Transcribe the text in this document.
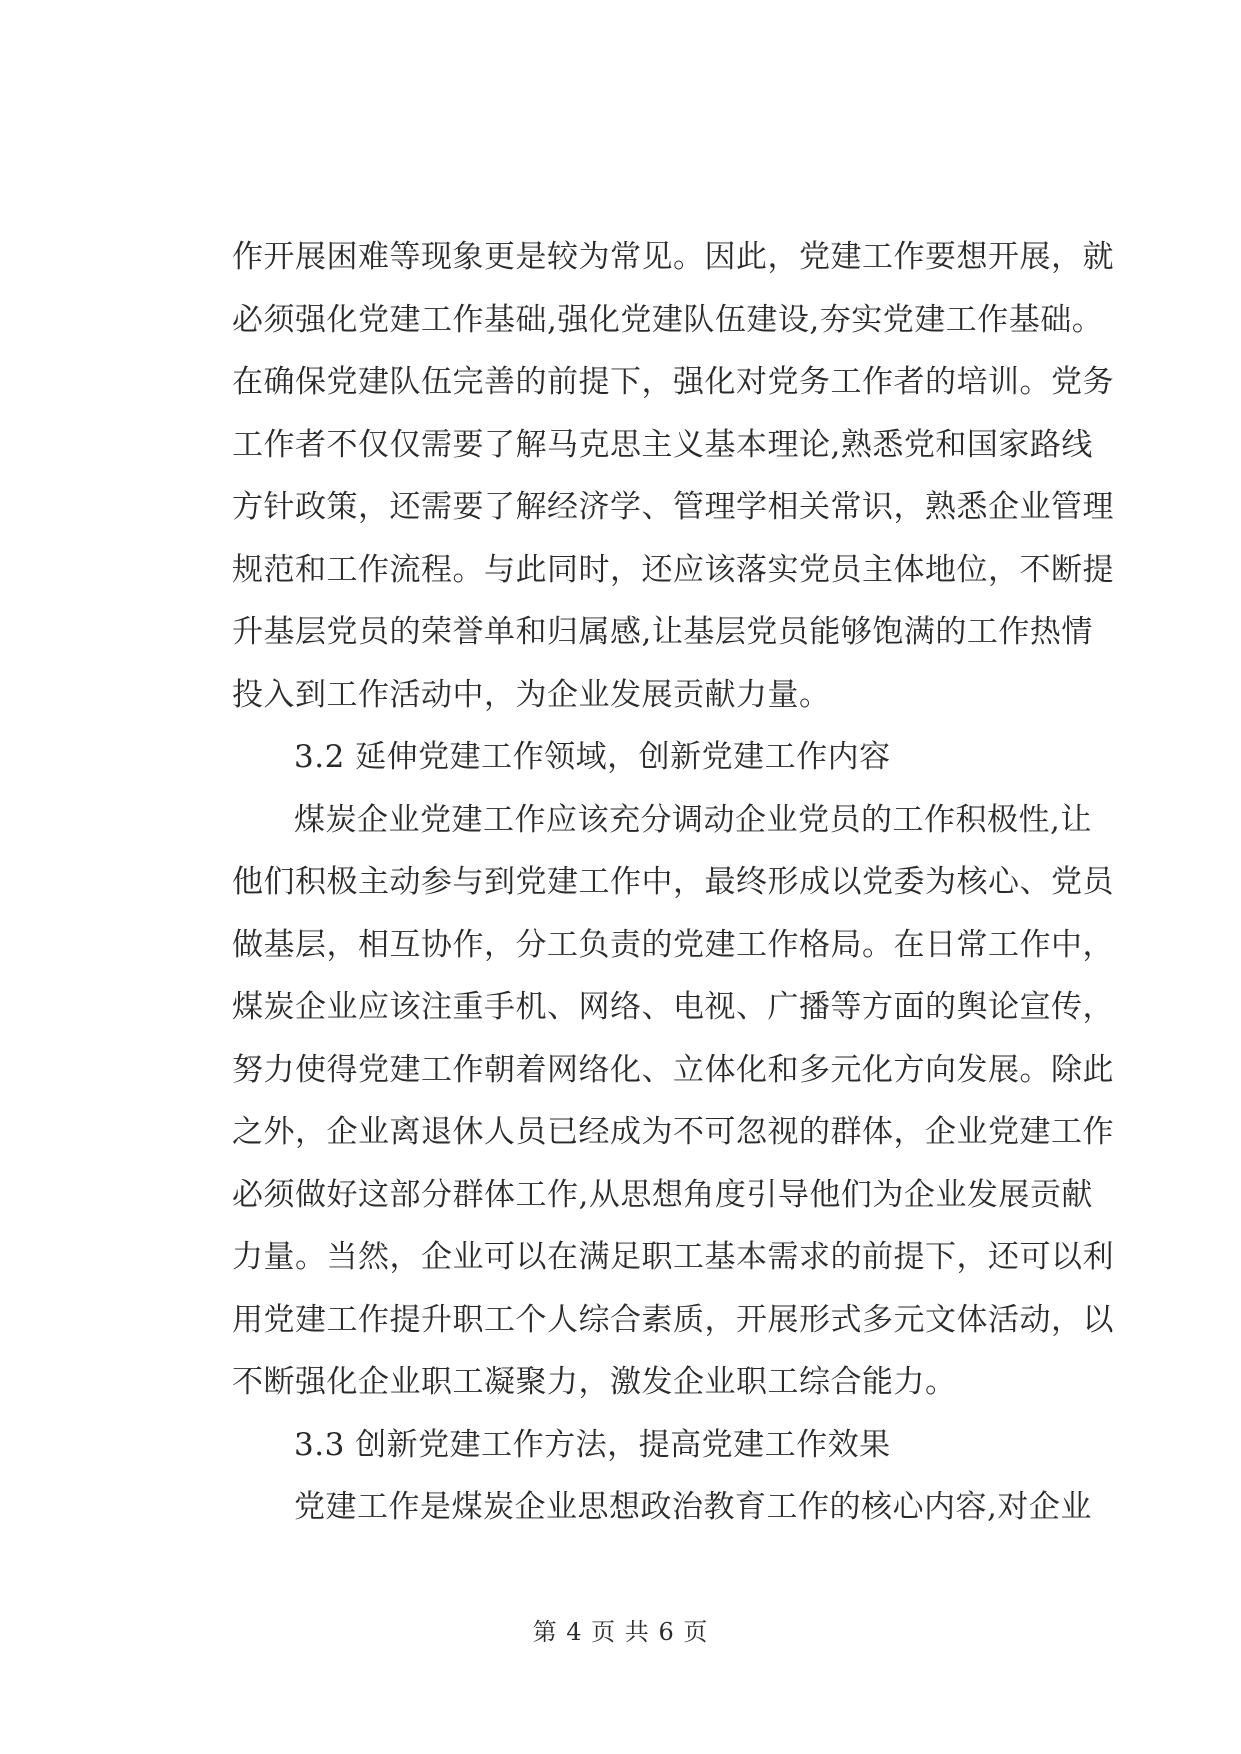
作开展困难等现象更是较为常见。因此，党建工作要想开展，就
必须强化党建工作基础,强化党建队伍建设,夯实党建工作基础。
在确保党建队伍完善的前提下，强化对党务工作者的培训。党务
工作者不仅仅需要了解马克思主义基本理论,熟悉党和国家路线
方针政策，还需要了解经济学、管理学相关常识，熟悉企业管理
规范和工作流程。与此同时，还应该落实党员主体地位，不断提
升基层党员的荣誉单和归属感,让基层党员能够饱满的工作热情
投入到工作活动中，为企业发展贡献力量。
3.2 延伸党建工作领域，创新党建工作内容
煤炭企业党建工作应该充分调动企业党员的工作积极性,让
他们积极主动参与到党建工作中，最终形成以党委为核心、党员
做基层，相互协作，分工负责的党建工作格局。在日常工作中，
煤炭企业应该注重手机、网络、电视、广播等方面的舆论宣传，
努力使得党建工作朝着网络化、立体化和多元化方向发展。除此
之外，企业离退休人员已经成为不可忽视的群体，企业党建工作
必须做好这部分群体工作,从思想角度引导他们为企业发展贡献
力量。当然，企业可以在满足职工基本需求的前提下，还可以利
用党建工作提升职工个人综合素质，开展形式多元文体活动，以
不断强化企业职工凝聚力，激发企业职工综合能力。
3.3 创新党建工作方法，提高党建工作效果
党建工作是煤炭企业思想政治教育工作的核心内容,对企业
第 4 页 共 6 页
